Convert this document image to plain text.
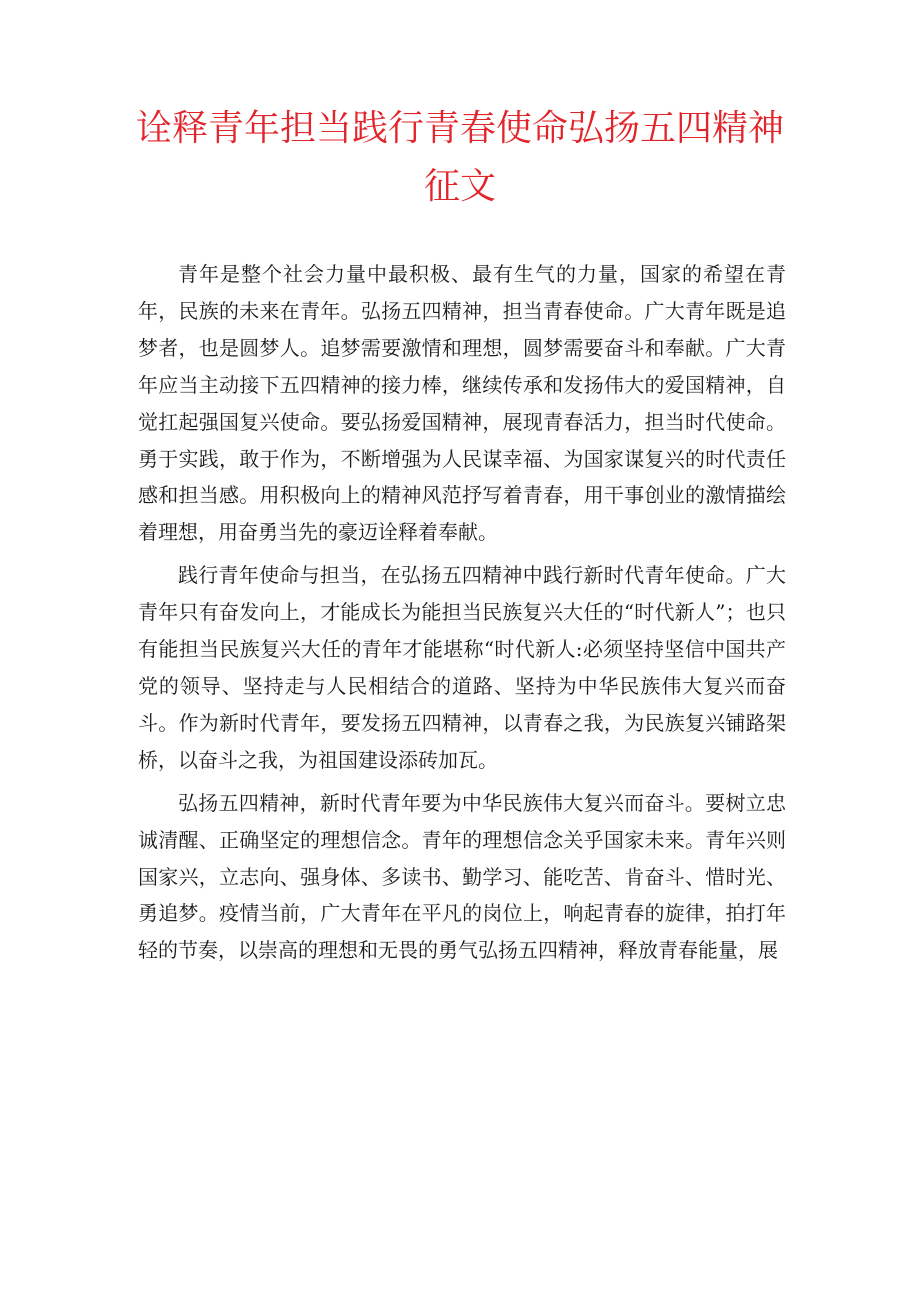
诠释青年担当践行青春使命弘扬五四精神
征文

青年是整个社会力量中最积极、最有生气的力量，国家的希望在青年，民族的未来在青年。弘扬五四精神，担当青春使命。广大青年既是追梦者，也是圆梦人。追梦需要激情和理想，圆梦需要奋斗和奉献。广大青年应当主动接下五四精神的接力棒，继续传承和发扬伟大的爱国精神，自觉扛起强国复兴使命。要弘扬爱国精神，展现青春活力，担当时代使命。勇于实践，敢于作为，不断增强为人民谋幸福、为国家谋复兴的时代责任感和担当感。用积极向上的精神风范抒写着青春，用干事创业的激情描绘着理想，用奋勇当先的豪迈诠释着奉献。

践行青年使命与担当，在弘扬五四精神中践行新时代青年使命。广大青年只有奋发向上，才能成长为能担当民族复兴大任的“时代新人”；也只有能担当民族复兴大任的青年才能堪称“时代新人:必须坚持坚信中国共产党的领导、坚持走与人民相结合的道路、坚持为中华民族伟大复兴而奋斗。作为新时代青年，要发扬五四精神，以青春之我，为民族复兴铺路架桥，以奋斗之我，为祖国建设添砖加瓦。

弘扬五四精神，新时代青年要为中华民族伟大复兴而奋斗。要树立忠诚清醒、正确坚定的理想信念。青年的理想信念关乎国家未来。青年兴则国家兴，立志向、强身体、多读书、勤学习、能吃苦、肯奋斗、惜时光、勇追梦。疫情当前，广大青年在平凡的岗位上，响起青春的旋律，拍打年轻的节奏，以崇高的理想和无畏的勇气弘扬五四精神，释放青春能量，展
